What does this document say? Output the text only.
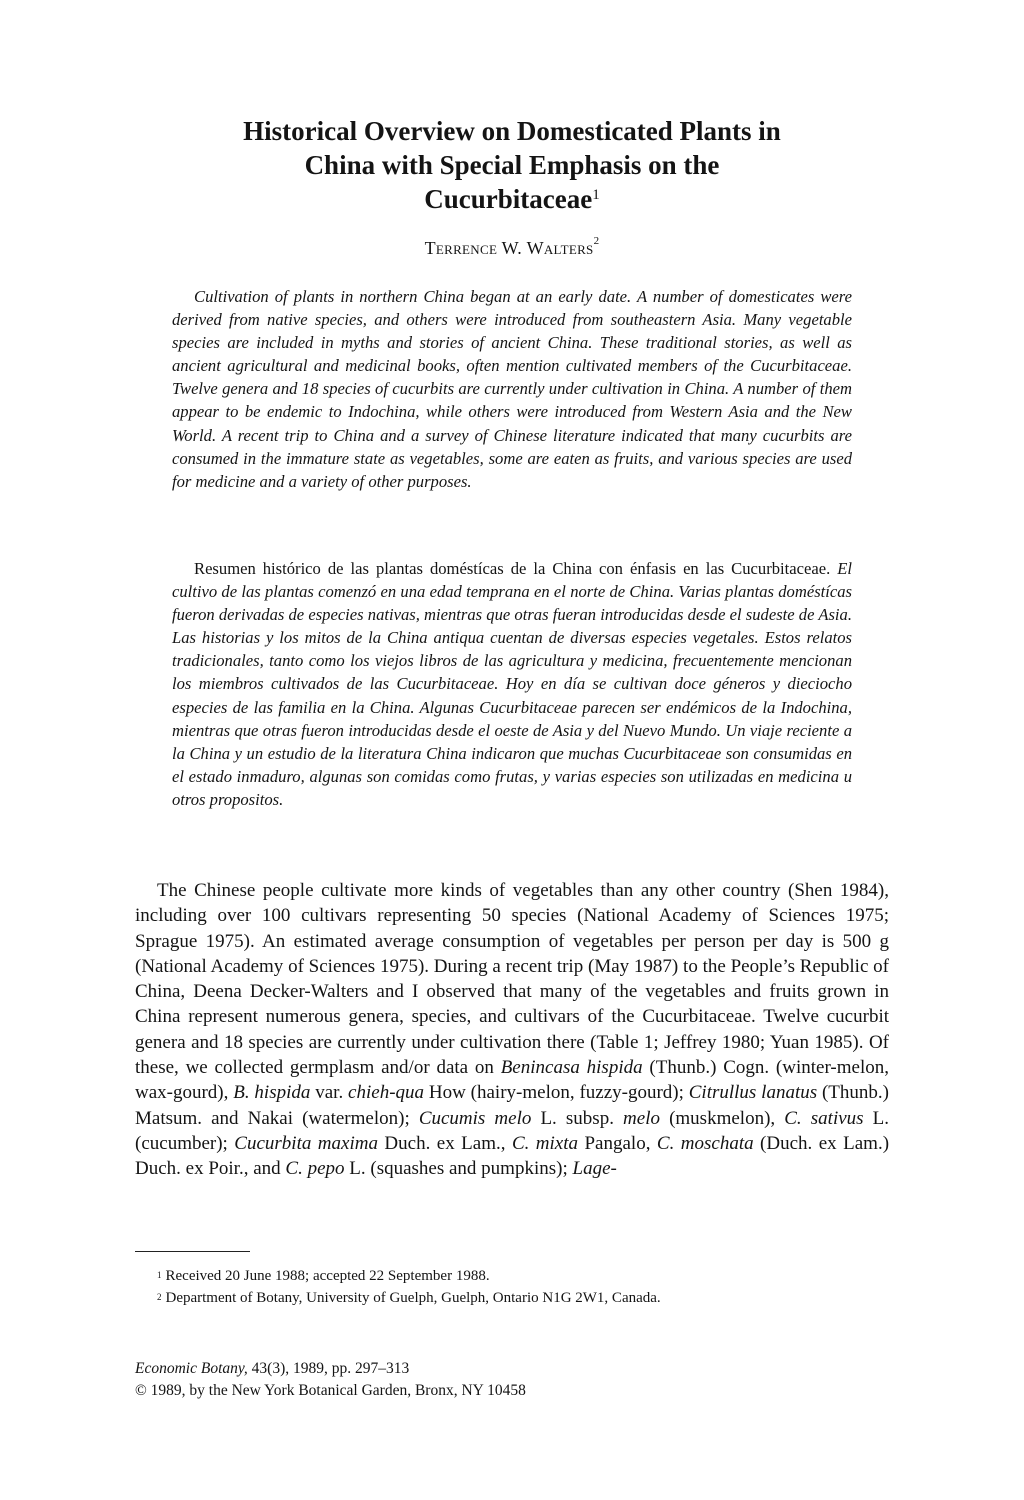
Historical Overview on Domesticated Plants in
China with Special Emphasis on the
Cucurbitaceae$^1$
Terrence W. Walters$^2$

Cultivation of plants in northern China began at an early date. A number of domesticates were derived from native species, and others were introduced from southeastern Asia. Many vegetable species are included in myths and stories of ancient China. These traditional stories, as well as ancient agricultural and medicinal books, often mention cultivated members of the Cucurbitaceae. Twelve genera and 18 species of cucurbits are currently under cultivation in China. A number of them appear to be endemic to Indochina, while others were introduced from Western Asia and the New World. A recent trip to China and a survey of Chinese literature indicated that many cucurbits are consumed in the immature state as vegetables, some are eaten as fruits, and various species are used for medicine and a variety of other purposes.

Resumen histórico de las plantas doméstícas de la China con énfasis en las Cucurbitaceae. El cultivo de las plantas comenzó en una edad temprana en el norte de China. Varias plantas doméstícas fueron derivadas de especies nativas, mientras que otras fueran introducidas desde el sudeste de Asia. Las historias y los mitos de la China antiqua cuentan de diversas especies vegetales. Estos relatos tradicionales, tanto como los viejos libros de las agricultura y medicina, frecuentemente mencionan los miembros cultivados de las Cucurbitaceae. Hoy en día se cultivan doce géneros y dieciocho especies de las familia en la China. Algunas Cucurbitaceae parecen ser endémicos de la Indochina, mientras que otras fueron introducidas desde el oeste de Asia y del Nuevo Mundo. Un viaje reciente a la China y un estudio de la literatura China indicaron que muchas Cucurbitaceae son consumidas en el estado inmaduro, algunas son comidas como frutas, y varias especies son utilizadas en medicina u otros propositos.

The Chinese people cultivate more kinds of vegetables than any other country (Shen 1984), including over 100 cultivars representing 50 species (National Academy of Sciences 1975; Sprague 1975). An estimated average consumption of vegetables per person per day is 500 g (National Academy of Sciences 1975). During a recent trip (May 1987) to the People’s Republic of China, Deena Decker-Walters and I observed that many of the vegetables and fruits grown in China represent numerous genera, species, and cultivars of the Cucurbitaceae. Twelve cucurbit genera and 18 species are currently under cultivation there (Table 1; Jeffrey 1980; Yuan 1985). Of these, we collected germplasm and/or data on Benincasa hispida (Thunb.) Cogn. (winter-melon, wax-gourd), B. hispida var. chieh-qua How (hairy-melon, fuzzy-gourd); Citrullus lanatus (Thunb.) Matsum. and Nakai (watermelon); Cucumis melo L. subsp. melo (muskmelon), C. sativus L. (cucumber); Cucurbita maxima Duch. ex Lam., C. mixta Pangalo, C. moschata (Duch. ex Lam.) Duch. ex Poir., and C. pepo L. (squashes and pumpkins); Lage-

$^1$ Received 20 June 1988; accepted 22 September 1988.
$^2$ Department of Botany, University of Guelph, Guelph, Ontario N1G 2W1, Canada.
Economic Botany, 43(3), 1989, pp. 297–313
© 1989, by the New York Botanical Garden, Bronx, NY 10458
